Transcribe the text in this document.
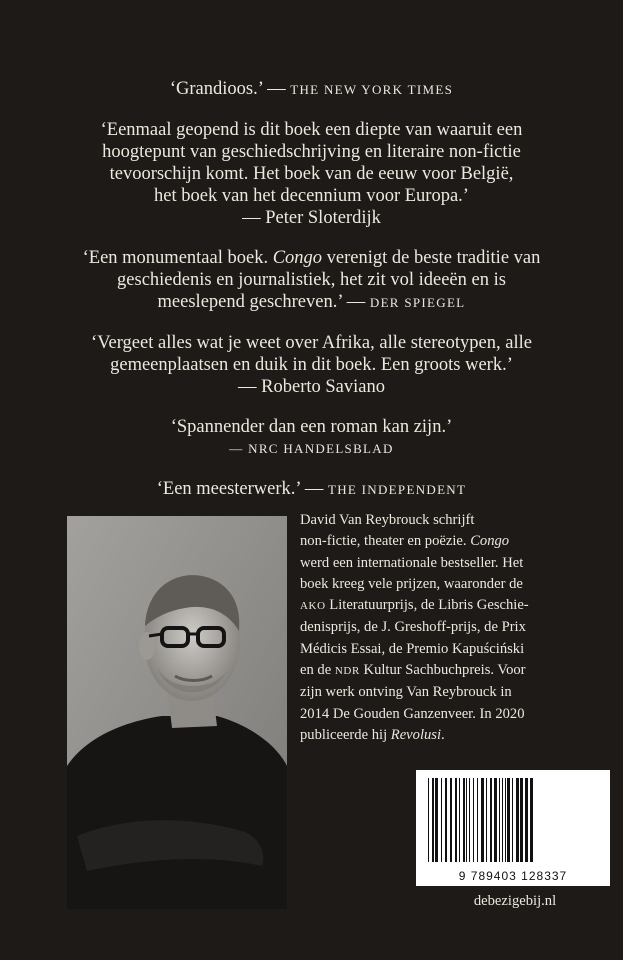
‘Grandioos.’ — THE NEW YORK TIMES

‘Eenmaal geopend is dit boek een diepte van waaruit een

hoogtepunt van geschiedschrijving en literaire non-fictie

tevoorschijn komt. Het boek van de eeuw voor België,

het boek van het decennium voor Europa.’

— Peter Sloterdijk

‘Een monumentaal boek. Congo verenigt de beste traditie van

geschiedenis en journalistiek, het zit vol ideeën en is

meeslepend geschreven.’ — DER SPIEGEL

‘Vergeet alles wat je weet over Afrika, alle stereotypen, alle

gemeenplaatsen en duik in dit boek. Een groots werk.’

— Roberto Saviano

‘Spannender dan een roman kan zijn.’

— NRC HANDELSBLAD

‘Een meesterwerk.’ — THE INDEPENDENT

David Van Reybrouck schrijft

non-fictie, theater en poëzie. Congo

werd een internationale bestseller. Het

boek kreeg vele prijzen, waaronder de

AKO Literatuurprijs, de Libris Geschie-

denisprijs, de J. Greshoff-prijs, de Prix

Médicis Essai, de Premio Kapuściński

en de NDR Kultur Sachbuchpreis. Voor

zijn werk ontving Van Reybrouck in

2014 De Gouden Ganzenveer. In 2020

publiceerde hij Revolusi.

9 789403 128337
debezigebij.nl
